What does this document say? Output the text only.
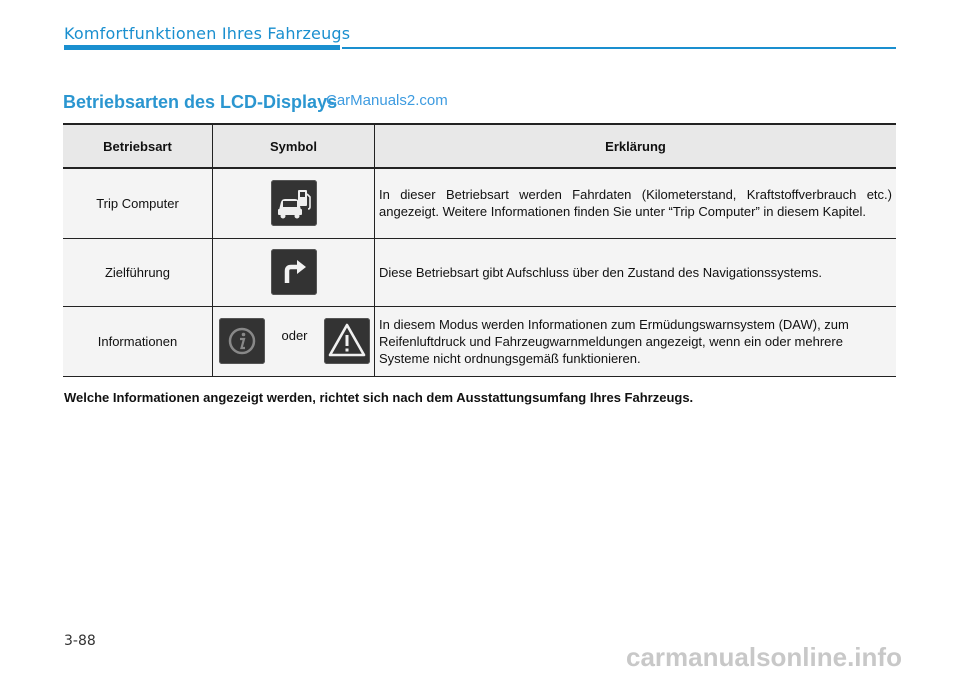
Komfortfunktionen Ihres Fahrzeugs
Betriebsarten des LCD-Displays
CarManuals2.com
Betriebsart	Symbol	Erklärung
Trip Computer		In dieser Betriebsart werden Fahrdaten (Kilometerstand, Kraftstoffverbrauch etc.) angezeigt. Weitere Informationen finden Sie unter “Trip Computer” in diesem Kapitel.
Zielführung		Diese Betriebsart gibt Aufschluss über den Zustand des Navigationssystems.
Informationen	oder	In diesem Modus werden Informationen zum Ermüdungswarnsystem (DAW), zum Reifenluftdruck und Fahrzeugwarnmeldungen angezeigt, wenn ein oder mehrere Systeme nicht ordnungsgemäß funktionieren.
Welche Informationen angezeigt werden, richtet sich nach dem Ausstattungsumfang Ihres Fahrzeugs.
3-88
carmanualsonline.info
